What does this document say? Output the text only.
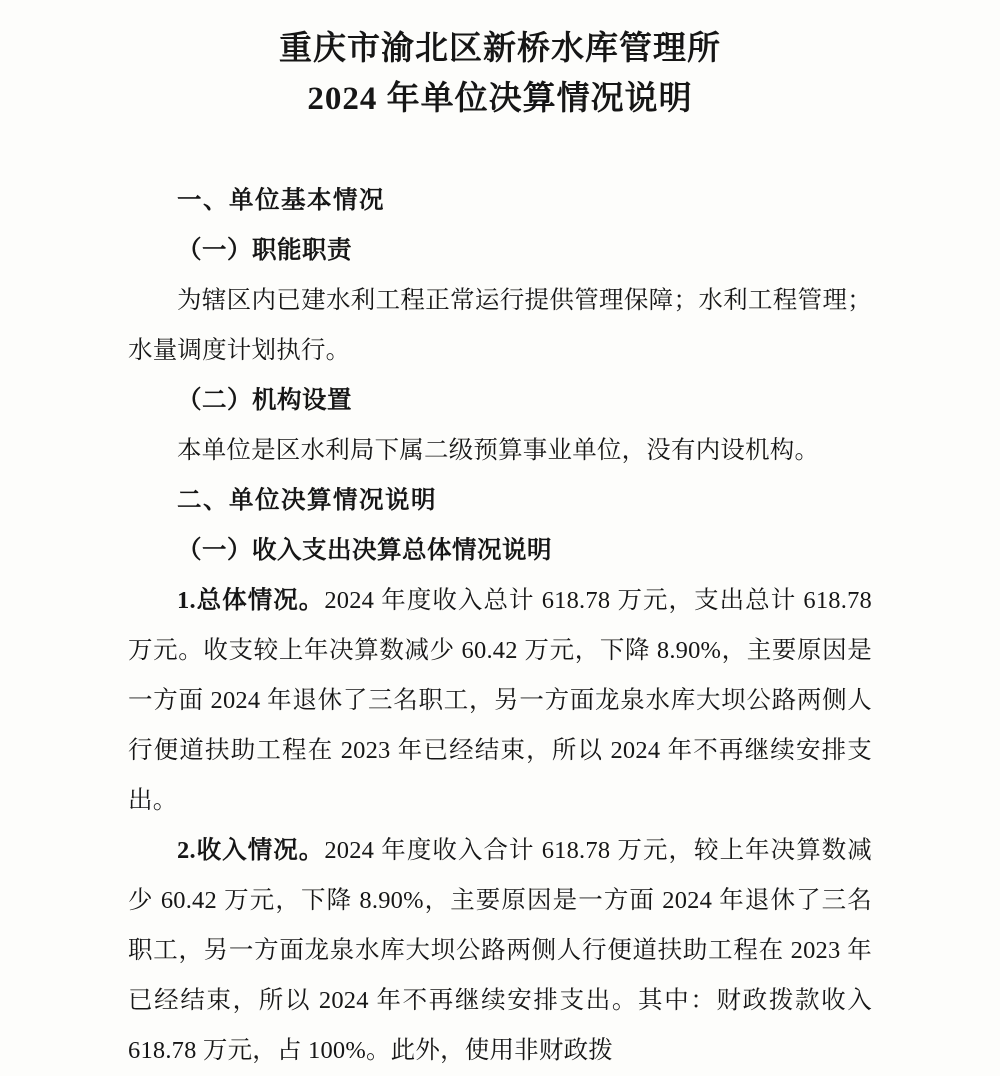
重庆市渝北区新桥水库管理所
2024 年单位决算情况说明

一、单位基本情况

（一）职能职责

为辖区内已建水利工程正常运行提供管理保障；水利工程管理；水量调度计划执行。

（二）机构设置

本单位是区水利局下属二级预算事业单位，没有内设机构。

二、单位决算情况说明

（一）收入支出决算总体情况说明

1.总体情况。2024 年度收入总计 618.78 万元，支出总计 618.78 万元。收支较上年决算数减少 60.42 万元，下降 8.90%，主要原因是一方面 2024 年退休了三名职工，另一方面龙泉水库大坝公路两侧人行便道扶助工程在 2023 年已经结束，所以 2024 年不再继续安排支出。

2.收入情况。2024 年度收入合计 618.78 万元，较上年决算数减少 60.42 万元，下降 8.90%，主要原因是一方面 2024 年退休了三名职工，另一方面龙泉水库大坝公路两侧人行便道扶助工程在 2023 年已经结束，所以 2024 年不再继续安排支出。其中：财政拨款收入 618.78 万元，占 100%。此外，使用非财政拨
